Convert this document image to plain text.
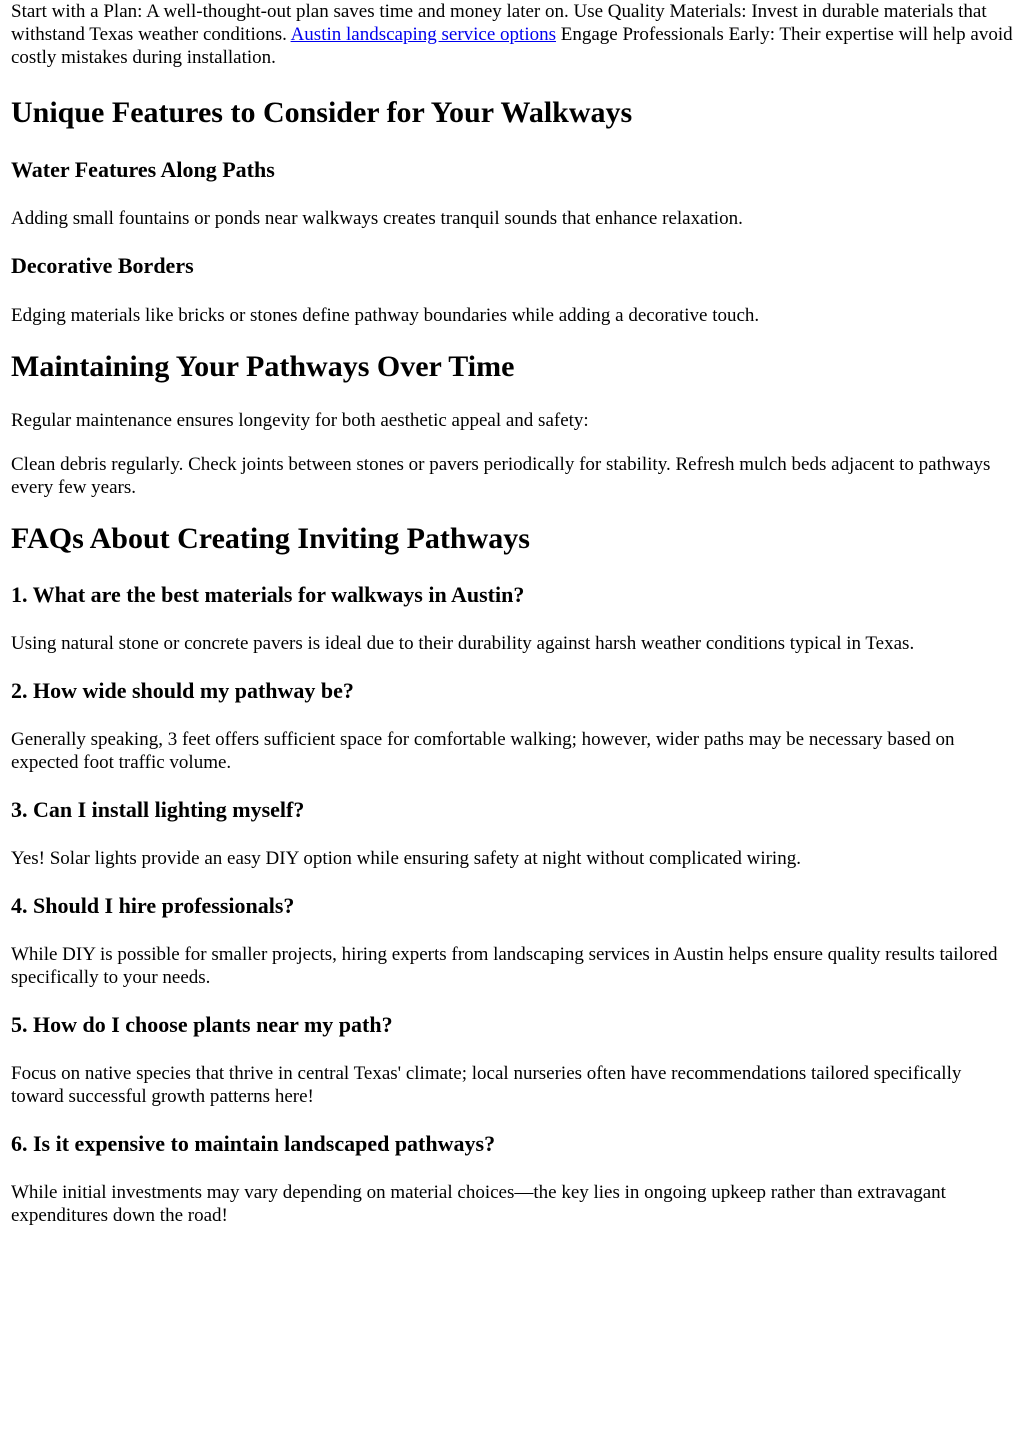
Start with a Plan: A well-thought-out plan saves time and money later on. Use Quality Materials: Invest in durable materials that withstand Texas weather conditions. Austin landscaping service options Engage Professionals Early: Their expertise will help avoid costly mistakes during installation.

Unique Features to Consider for Your Walkways
Water Features Along Paths

Adding small fountains or ponds near walkways creates tranquil sounds that enhance relaxation.

Decorative Borders

Edging materials like bricks or stones define pathway boundaries while adding a decorative touch.

Maintaining Your Pathways Over Time

Regular maintenance ensures longevity for both aesthetic appeal and safety:

Clean debris regularly. Check joints between stones or pavers periodically for stability. Refresh mulch beds adjacent to pathways every few years.

FAQs About Creating Inviting Pathways
1. What are the best materials for walkways in Austin?

Using natural stone or concrete pavers is ideal due to their durability against harsh weather conditions typical in Texas.

2. How wide should my pathway be?

Generally speaking, 3 feet offers sufficient space for comfortable walking; however, wider paths may be necessary based on expected foot traffic volume.

3. Can I install lighting myself?

Yes! Solar lights provide an easy DIY option while ensuring safety at night without complicated wiring.

4. Should I hire professionals?

While DIY is possible for smaller projects, hiring experts from landscaping services in Austin helps ensure quality results tailored specifically to your needs.

5. How do I choose plants near my path?

Focus on native species that thrive in central Texas' climate; local nurseries often have recommendations tailored specifically toward successful growth patterns here!

6. Is it expensive to maintain landscaped pathways?

While initial investments may vary depending on material choices—the key lies in ongoing upkeep rather than extravagant expenditures down the road!
